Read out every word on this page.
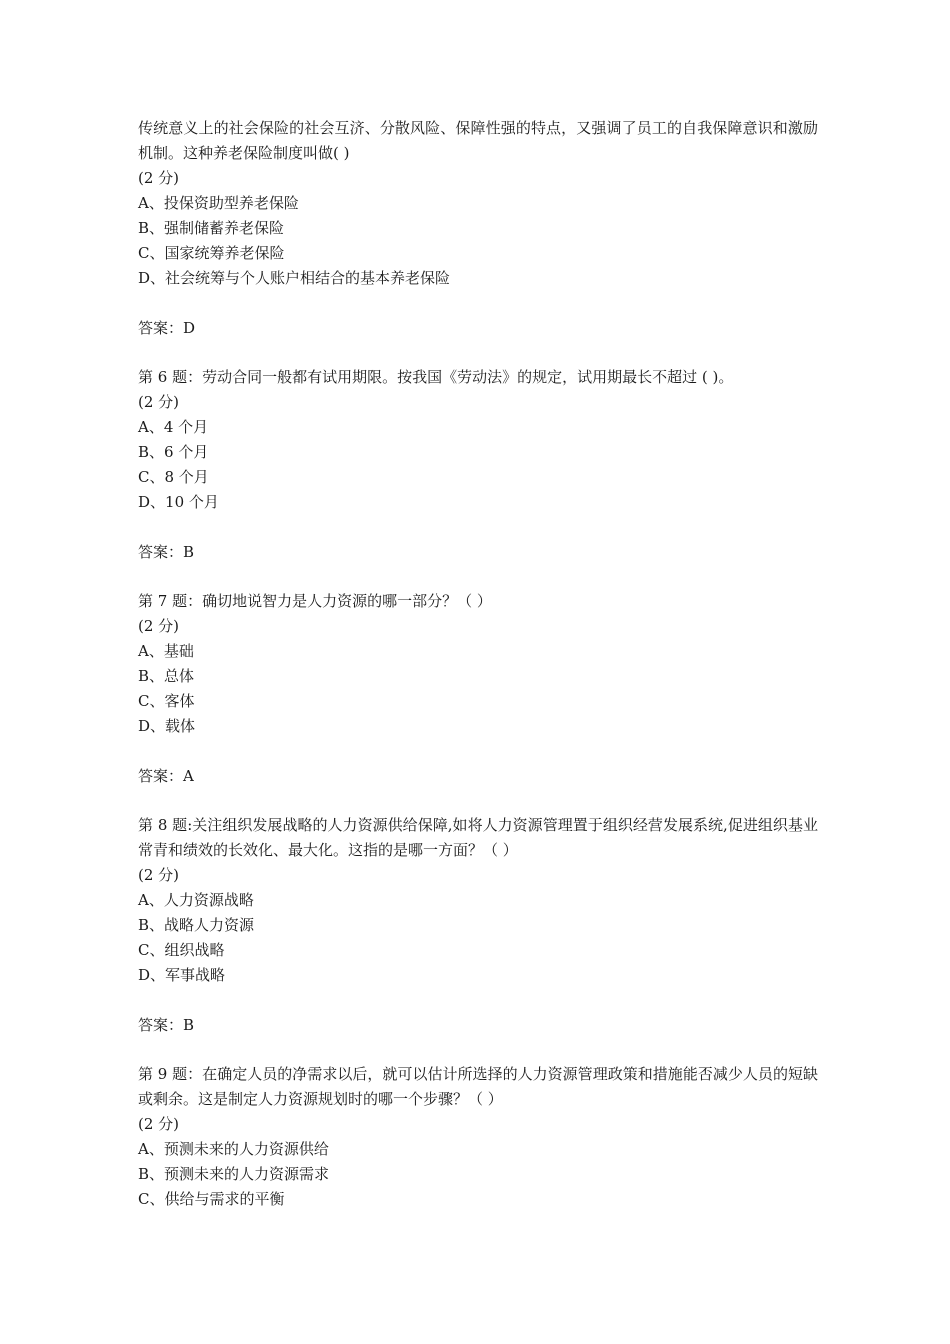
传统意义上的社会保险的社会互济、分散风险、保障性强的特点，又强调了员工的自我保障意识和激励机制。这种养老保险制度叫做( )
(2 分)
A、投保资助型养老保险
B、强制储蓄养老保险
C、国家统筹养老保险
D、社会统筹与个人账户相结合的基本养老保险
答案：D
第 6 题：劳动合同一般都有试用期限。按我国《劳动法》的规定，试用期最长不超过 ( )。
(2 分)
A、4 个月
B、6 个月
C、8 个月
D、10 个月
答案：B
第 7 题：确切地说智力是人力资源的哪一部分？（ ）
(2 分)
A、基础
B、总体
C、客体
D、载体
答案：A
第 8 题:关注组织发展战略的人力资源供给保障,如将人力资源管理置于组织经营发展系统,促进组织基业常青和绩效的长效化、最大化。这指的是哪一方面？（ ）
(2 分)
A、人力资源战略
B、战略人力资源
C、组织战略
D、军事战略
答案：B
第 9 题：在确定人员的净需求以后，就可以估计所选择的人力资源管理政策和措施能否减少人员的短缺或剩余。这是制定人力资源规划时的哪一个步骤？（ ）
(2 分)
A、预测未来的人力资源供给
B、预测未来的人力资源需求
C、供给与需求的平衡
